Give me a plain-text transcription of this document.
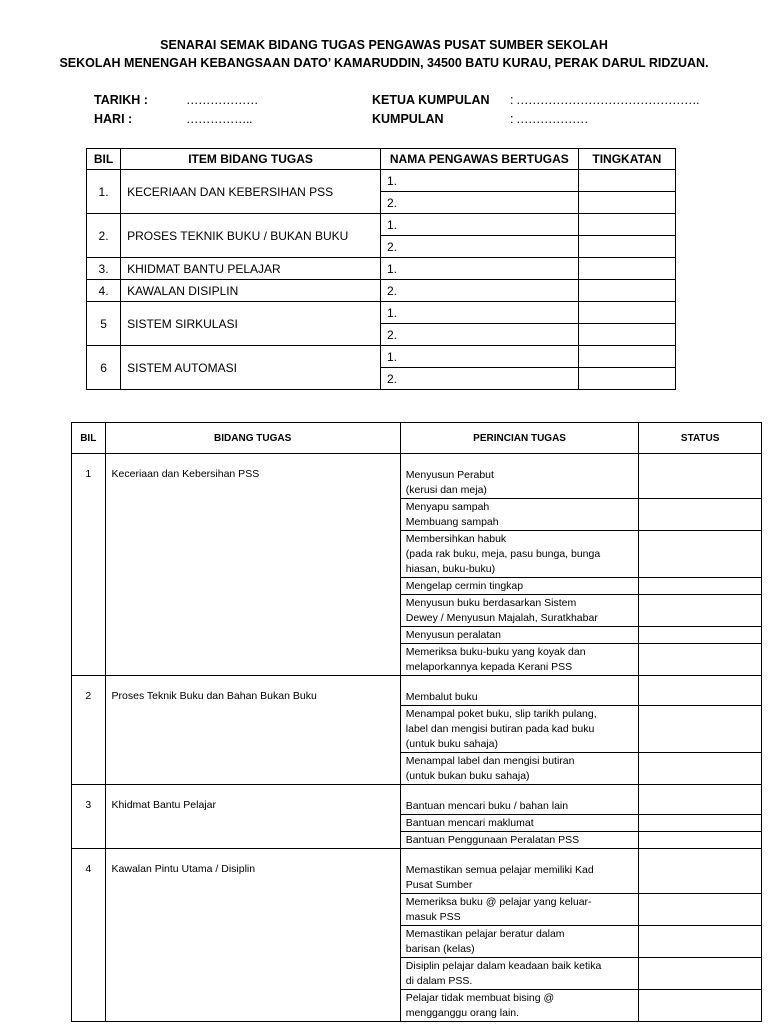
SENARAI SEMAK BIDANG TUGAS PENGAWAS PUSAT SUMBER SEKOLAH
SEKOLAH MENENGAH KEBANGSAAN DATO’ KAMARUDDIN, 34500 BATU KURAU, PERAK DARUL RIDZUAN.
TARIKH :	………………
HARI :	……………..
KETUA KUMPULAN : ……………………………………….
KUMPULAN	: ………………
BIL	ITEM BIDANG TUGAS	NAMA PENGAWAS BERTUGAS	TINGKATAN
1.	KECERIAAN DAN KEBERSIHAN PSS	1.	
		2.	
2.	PROSES TEKNIK BUKU / BUKAN BUKU	1.	
		2.	
3.	KHIDMAT BANTU PELAJAR	1.	
4.	KAWALAN DISIPLIN	2.	
5	SISTEM SIRKULASI	1.	
		2.	
6	SISTEM AUTOMASI	1.	
		2.	
BIL	BIDANG TUGAS	PERINCIAN TUGAS	STATUS
1	Keceriaan dan Kebersihan PSS	Menyusun Perabut
(kerusi dan meja)	

		Menyapu sampah
Membuang sampah	

		Membersihkan habuk
(pada rak buku, meja, pasu bunga, bunga
hiasan, buku-buku)	

		Mengelap cermin tingkap	

		Menyusun buku berdasarkan Sistem
Dewey / Menyusun Majalah, Suratkhabar	

		Menyusun peralatan	

		Memeriksa buku-buku yang koyak dan
melaporkannya kepada Kerani PSS	

2	Proses Teknik Buku dan Bahan Bukan Buku	Membalut buku	

		Menampal poket buku, slip tarikh pulang,
label dan mengisi butiran pada kad buku
(untuk buku sahaja)	

		Menampal label dan mengisi butiran
(untuk bukan buku sahaja)	

3	Khidmat Bantu Pelajar	Bantuan mencari buku / bahan lain	

		Bantuan mencari maklumat	

		Bantuan Penggunaan Peralatan PSS	

4	Kawalan Pintu Utama / Disiplin	Memastikan semua pelajar memiliki Kad
Pusat Sumber	

		Memeriksa buku @ pelajar yang keluar-
masuk PSS	

		Memastikan pelajar beratur dalam
barisan (kelas)	

		Disiplin pelajar dalam keadaan baik ketika
di dalam PSS.	

		Pelajar tidak membuat bising @
mengganggu orang lain.	
